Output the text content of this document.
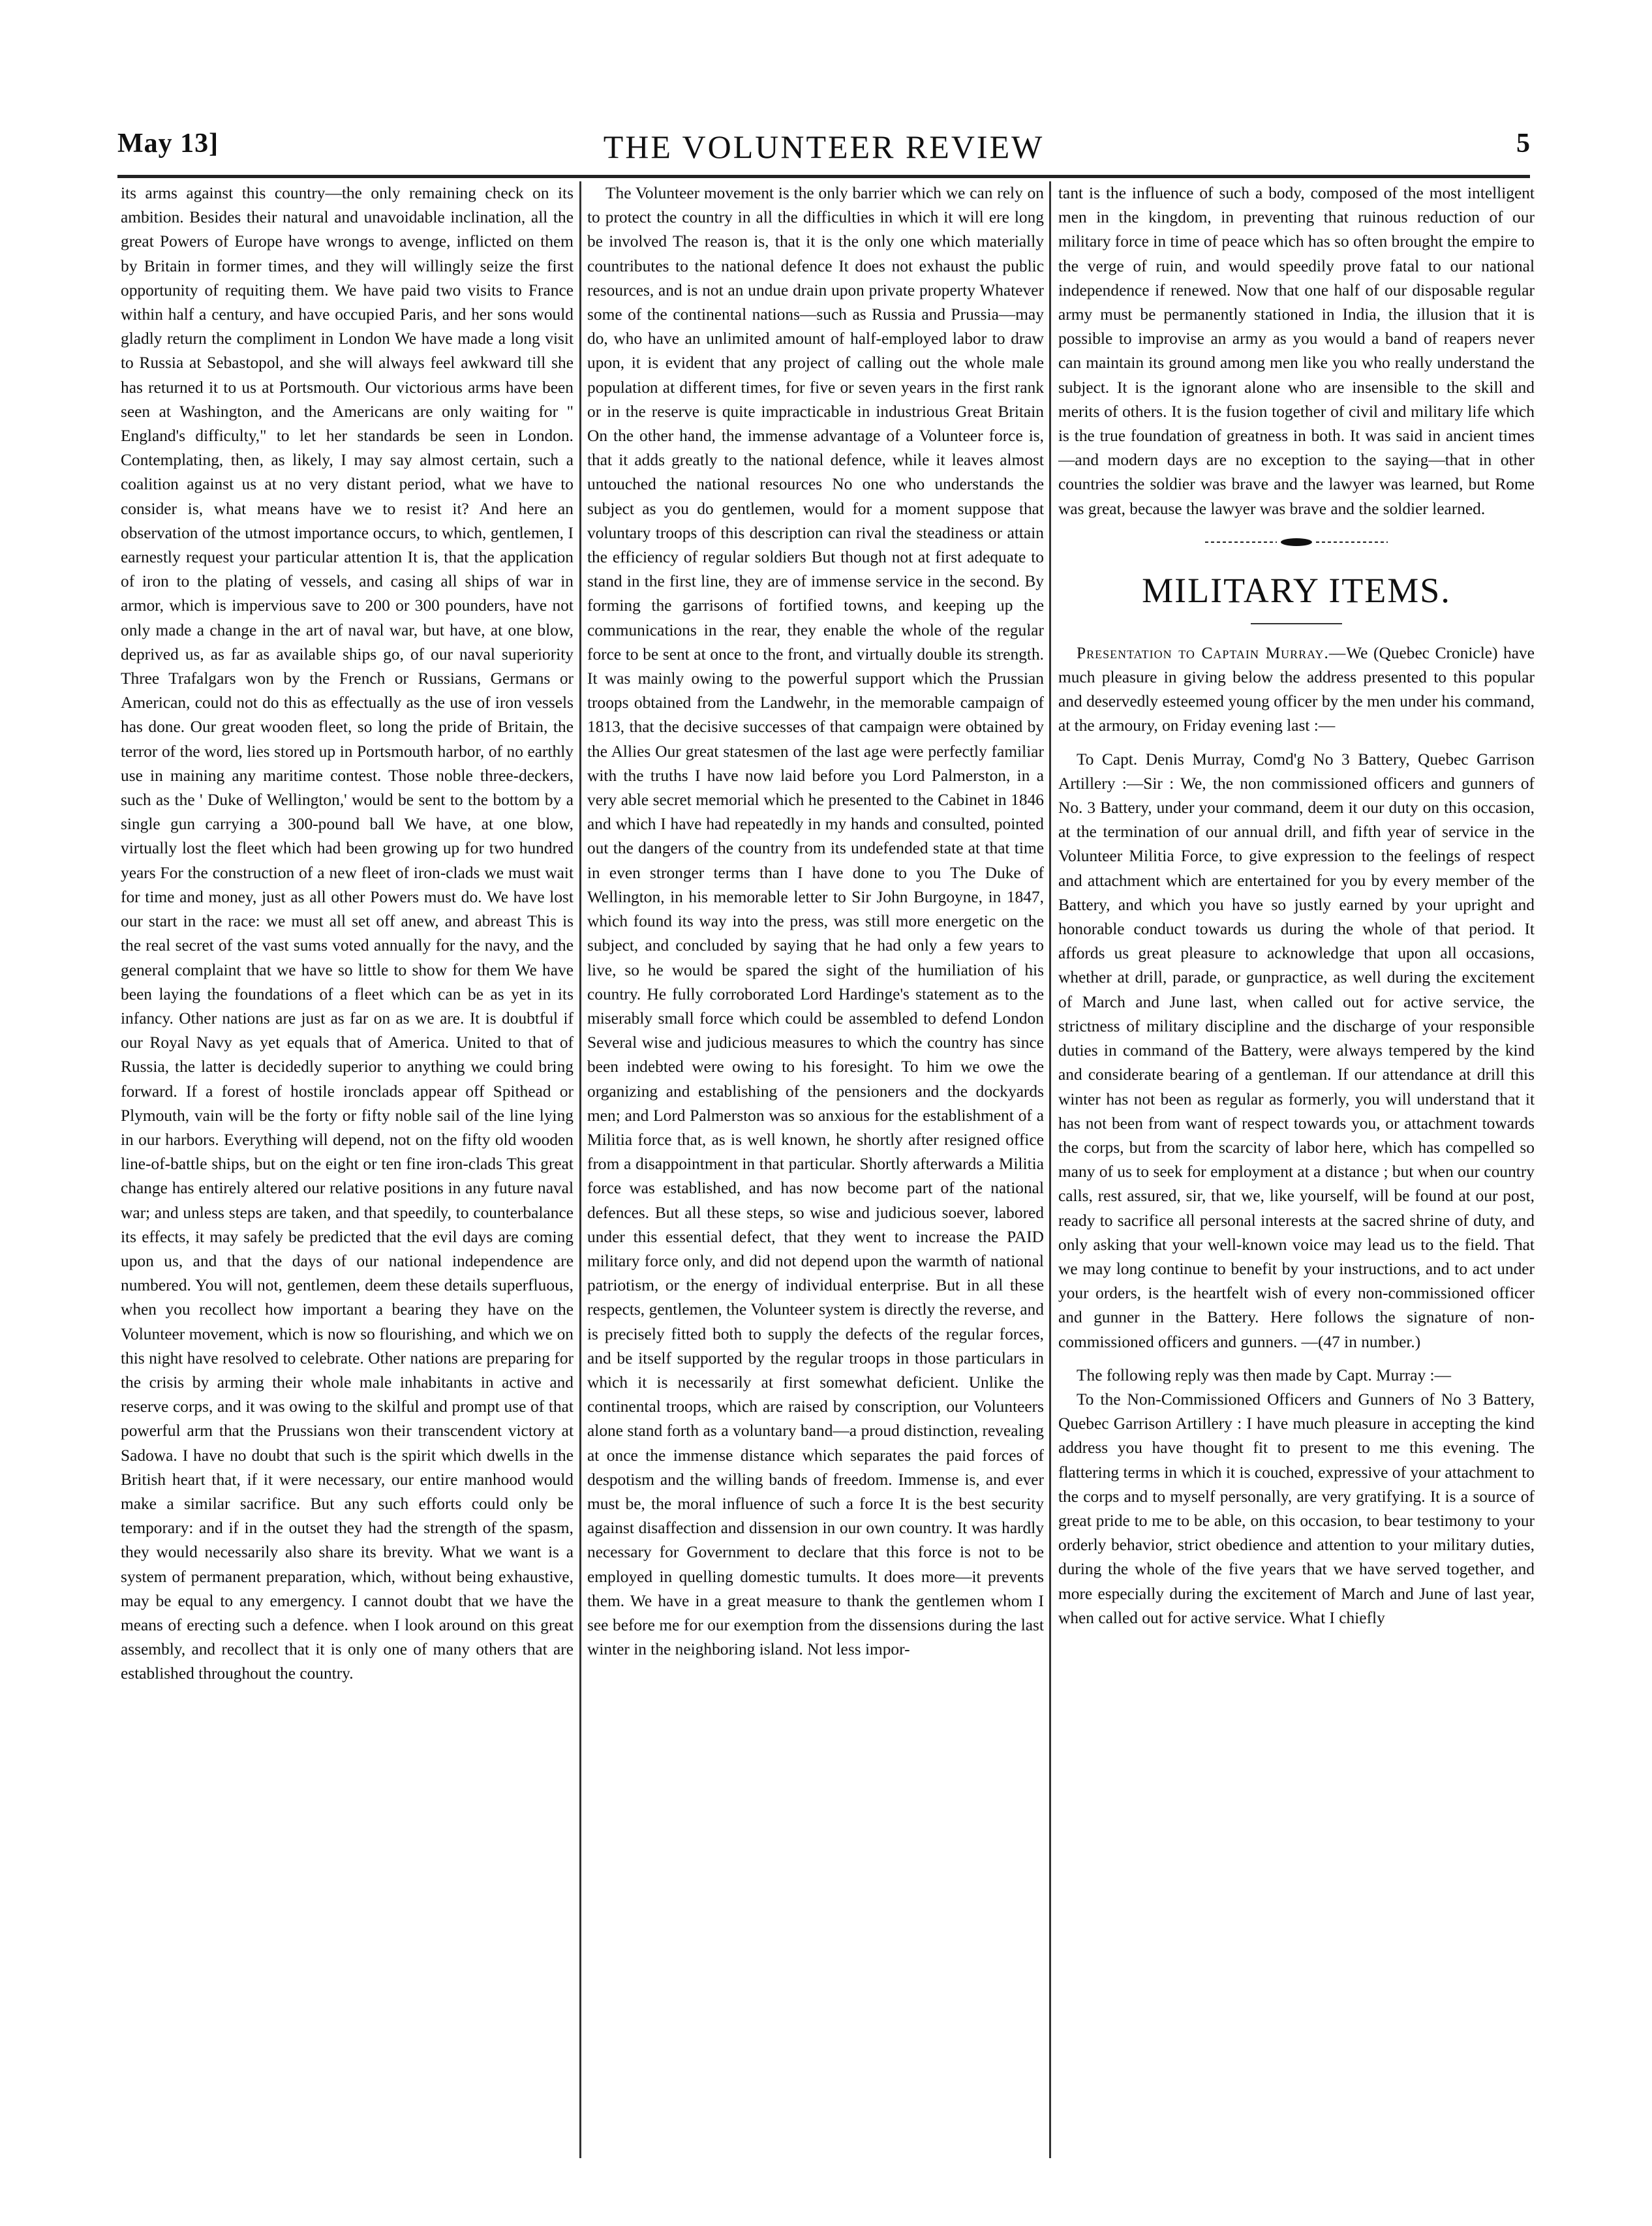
May 13]	THE VOLUNTEER REVIEW	5

its arms against this country—the only remaining check on its ambition. Besides their natural and unavoidable inclination, all the great Powers of Europe have wrongs to avenge, inflicted on them by Britain in former times, and they will willingly seize the first opportunity of requiting them. We have paid two visits to France within half a century, and have occupied Paris, and her sons would gladly return the compliment in London We have made a long visit to Russia at Sebastopol, and she will always feel awkward till she has returned it to us at Portsmouth. Our victorious arms have been seen at Washington, and the Americans are only waiting for " England's difficulty," to let her standards be seen in London. Contemplating, then, as likely, I may say almost certain, such a coalition against us at no very distant period, what we have to consider is, what means have we to resist it? And here an observation of the utmost importance occurs, to which, gentlemen, I earnestly request your particular attention It is, that the application of iron to the plating of vessels, and casing all ships of war in armor, which is impervious save to 200 or 300 pounders, have not only made a change in the art of naval war, but have, at one blow, deprived us, as far as available ships go, of our naval superiority Three Trafalgars won by the French or Russians, Germans or American, could not do this as effectually as the use of iron vessels has done. Our great wooden fleet, so long the pride of Britain, the terror of the word, lies stored up in Portsmouth harbor, of no earthly use in maining any maritime contest. Those noble three-deckers, such as the ' Duke of Wellington,' would be sent to the bottom by a single gun carrying a 300-pound ball We have, at one blow, virtually lost the fleet which had been growing up for two hundred years For the construction of a new fleet of iron-clads we must wait for time and money, just as all other Powers must do. We have lost our start in the race: we must all set off anew, and abreast This is the real secret of the vast sums voted annually for the navy, and the general complaint that we have so little to show for them We have been laying the foundations of a fleet which can be as yet in its infancy. Other nations are just as far on as we are. It is doubtful if our Royal Navy as yet equals that of America. United to that of Russia, the latter is decidedly superior to anything we could bring forward. If a forest of hostile ironclads appear off Spithead or Plymouth, vain will be the forty or fifty noble sail of the line lying in our harbors. Everything will depend, not on the fifty old wooden line-of-battle ships, but on the eight or ten fine iron-clads This great change has entirely altered our relative positions in any future naval war; and unless steps are taken, and that speedily, to counterbalance its effects, it may safely be predicted that the evil days are coming upon us, and that the days of our national independence are numbered. You will not, gentlemen, deem these details superfluous, when you recollect how important a bearing they have on the Volunteer movement, which is now so flourishing, and which we on this night have resolved to celebrate. Other nations are preparing for the crisis by arming their whole male inhabitants in active and reserve corps, and it was owing to the skilful and prompt use of that powerful arm that the Prussians won their transcendent victory at Sadowa. I have no doubt that such is the spirit which dwells in the British heart that, if it were necessary, our entire manhood would make a similar sacrifice. But any such efforts could only be temporary: and if in the outset they had the strength of the spasm, they would necessarily also share its brevity. What we want is a system of permanent preparation, which, without being exhaustive, may be equal to any emergency. I cannot doubt that we have the means of erecting such a defence. when I look around on this great assembly, and recollect that it is only one of many others that are established throughout the country.

The Volunteer movement is the only barrier which we can rely on to protect the country in all the difficulties in which it will ere long be involved The reason is, that it is the only one which materially countributes to the national defence It does not exhaust the public resources, and is not an undue drain upon private property Whatever some of the continental nations—such as Russia and Prussia—may do, who have an unlimited amount of half-employed labor to draw upon, it is evident that any project of calling out the whole male population at different times, for five or seven years in the first rank or in the reserve is quite impracticable in industrious Great Britain On the other hand, the immense advantage of a Volunteer force is, that it adds greatly to the national defence, while it leaves almost untouched the national resources No one who understands the subject as you do gentlemen, would for a moment suppose that voluntary troops of this description can rival the steadiness or attain the efficiency of regular soldiers But though not at first adequate to stand in the first line, they are of immense service in the second. By forming the garrisons of fortified towns, and keeping up the communications in the rear, they enable the whole of the regular force to be sent at once to the front, and virtually double its strength. It was mainly owing to the powerful support which the Prussian troops obtained from the Landwehr, in the memorable campaign of 1813, that the decisive successes of that campaign were obtained by the Allies Our great statesmen of the last age were perfectly familiar with the truths I have now laid before you Lord Palmerston, in a very able secret memorial which he presented to the Cabinet in 1846 and which I have had repeatedly in my hands and consulted, pointed out the dangers of the country from its undefended state at that time in even stronger terms than I have done to you The Duke of Wellington, in his memorable letter to Sir John Burgoyne, in 1847, which found its way into the press, was still more energetic on the subject, and concluded by saying that he had only a few years to live, so he would be spared the sight of the humiliation of his country. He fully corroborated Lord Hardinge's statement as to the miserably small force which could be assembled to defend London Several wise and judicious measures to which the country has since been indebted were owing to his foresight. To him we owe the organizing and establishing of the pensioners and the dockyards men; and Lord Palmerston was so anxious for the establishment of a Militia force that, as is well known, he shortly after resigned office from a disappointment in that particular. Shortly afterwards a Militia force was established, and has now become part of the national defences. But all these steps, so wise and judicious soever, labored under this essential defect, that they went to increase the PAID military force only, and did not depend upon the warmth of national patriotism, or the energy of individual enterprise. But in all these respects, gentlemen, the Volunteer system is directly the reverse, and is precisely fitted both to supply the defects of the regular forces, and be itself supported by the regular troops in those particulars in which it is necessarily at first somewhat deficient. Unlike the continental troops, which are raised by conscription, our Volunteers alone stand forth as a voluntary band—a proud distinction, revealing at once the immense distance which separates the paid forces of despotism and the willing bands of freedom. Immense is, and ever must be, the moral influence of such a force It is the best security against disaffection and dissension in our own country. It was hardly necessary for Government to declare that this force is not to be employed in quelling domestic tumults. It does more—it prevents them. We have in a great measure to thank the gentlemen whom I see before me for our exemption from the dissensions during the last winter in the neighboring island. Not less impor-

tant is the influence of such a body, composed of the most intelligent men in the kingdom, in preventing that ruinous reduction of our military force in time of peace which has so often brought the empire to the verge of ruin, and would speedily prove fatal to our national independence if renewed. Now that one half of our disposable regular army must be permanently stationed in India, the illusion that it is possible to improvise an army as you would a band of reapers never can maintain its ground among men like you who really understand the subject. It is the ignorant alone who are insensible to the skill and merits of others. It is the fusion together of civil and military life which is the true foundation of greatness in both. It was said in ancient times—and modern days are no exception to the saying—that in other countries the soldier was brave and the lawyer was learned, but Rome was great, because the lawyer was brave and the soldier learned.

MILITARY ITEMS.

Presentation to Captain Murray.—We (Quebec Cronicle) have much pleasure in giving below the address presented to this popular and deservedly esteemed young officer by the men under his command, at the armoury, on Friday evening last :—

To Capt. Denis Murray, Comd'g No 3 Battery, Quebec Garrison Artillery :—Sir : We, the non commissioned officers and gunners of No. 3 Battery, under your command, deem it our duty on this occasion, at the termination of our annual drill, and fifth year of service in the Volunteer Militia Force, to give expression to the feelings of respect and attachment which are entertained for you by every member of the Battery, and which you have so justly earned by your upright and honorable conduct towards us during the whole of that period. It affords us great pleasure to acknowledge that upon all occasions, whether at drill, parade, or gunpractice, as well during the excitement of March and June last, when called out for active service, the strictness of military discipline and the discharge of your responsible duties in command of the Battery, were always tempered by the kind and considerate bearing of a gentleman. If our attendance at drill this winter has not been as regular as formerly, you will understand that it has not been from want of respect towards you, or attachment towards the corps, but from the scarcity of labor here, which has compelled so many of us to seek for employment at a distance ; but when our country calls, rest assured, sir, that we, like yourself, will be found at our post, ready to sacrifice all personal interests at the sacred shrine of duty, and only asking that your well-known voice may lead us to the field. That we may long continue to benefit by your instructions, and to act under your orders, is the heartfelt wish of every non-commissioned officer and gunner in the Battery. Here follows the signature of non-commissioned officers and gunners. —(47 in number.)

The following reply was then made by Capt. Murray :—

To the Non-Commissioned Officers and Gunners of No 3 Battery, Quebec Garrison Artillery : I have much pleasure in accepting the kind address you have thought fit to present to me this evening. The flattering terms in which it is couched, expressive of your attachment to the corps and to myself personally, are very gratifying. It is a source of great pride to me to be able, on this occasion, to bear testimony to your orderly behavior, strict obedience and attention to your military duties, during the whole of the five years that we have served together, and more especially during the excitement of March and June of last year, when called out for active service. What I chiefly
